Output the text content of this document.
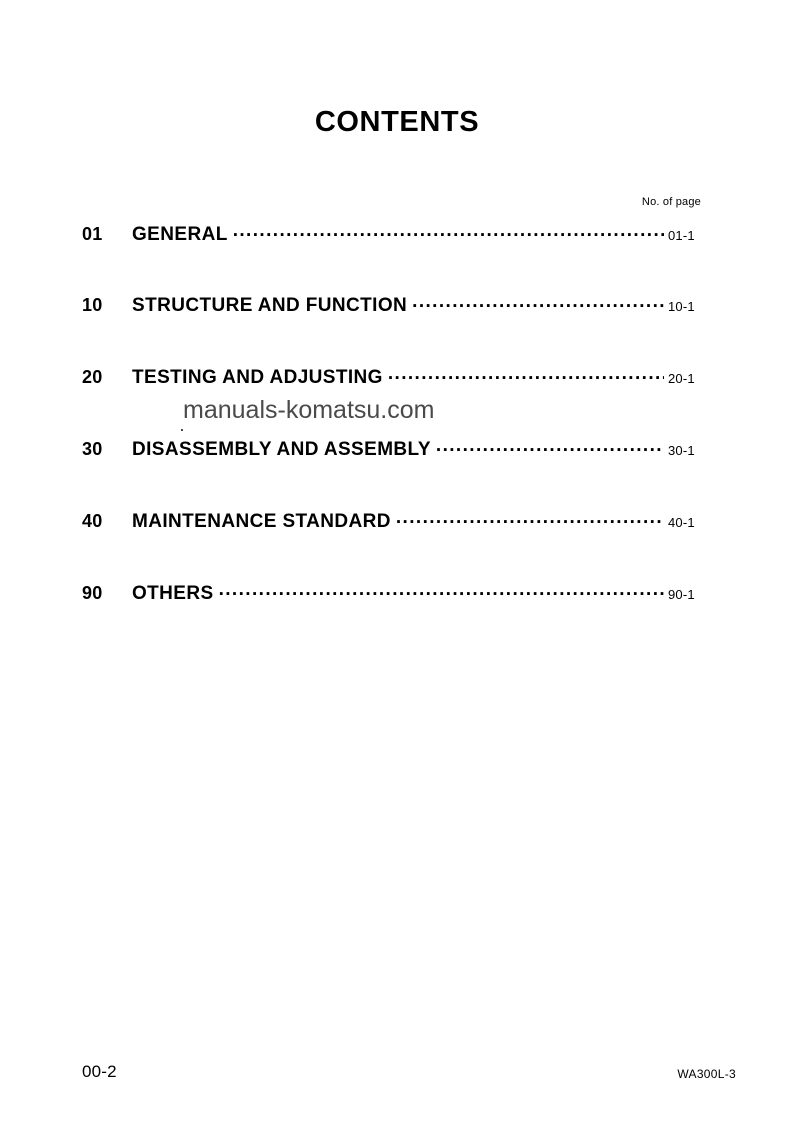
CONTENTS
No. of page
01	GENERAL .....	01-1
10	STRUCTURE AND FUNCTION .....	10-1
20	TESTING AND ADJUSTING .....	20-1
30	DISASSEMBLY AND ASSEMBLY .....	30-1
40	MAINTENANCE STANDARD .....	40-1
90	OTHERS .....	90-1
manuals-komatsu.com
00-2	WA300L-3
